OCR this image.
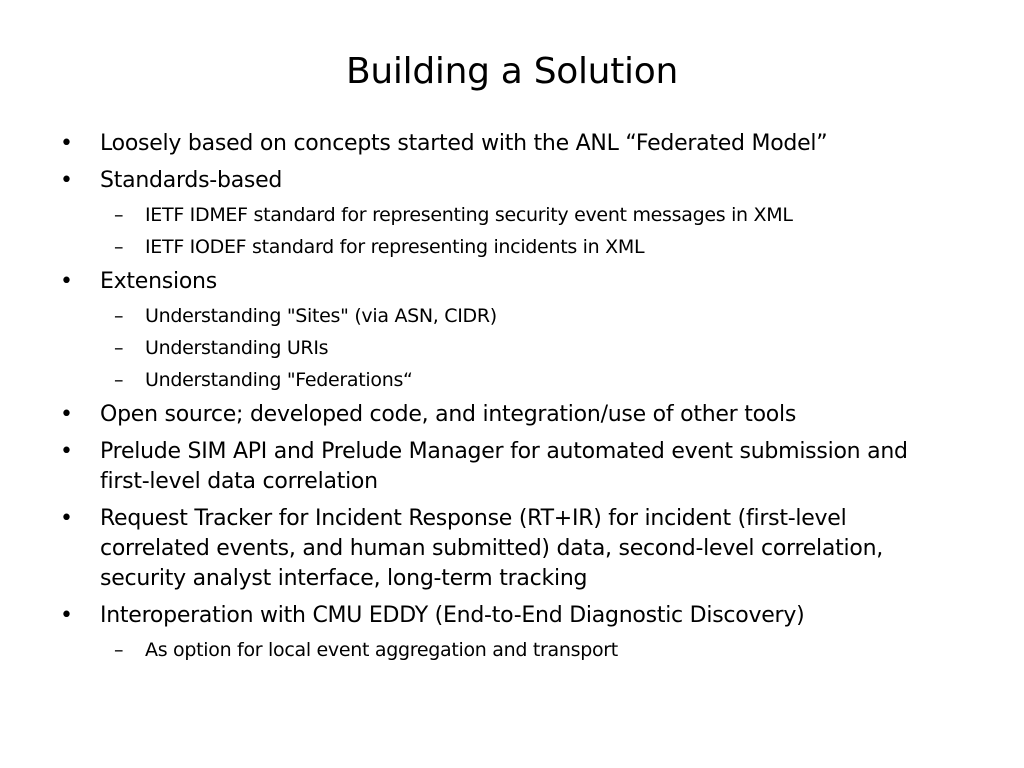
Building a Solution
•	Loosely based on concepts started with the ANL “Federated Model”
•	Standards-based
–	IETF IDMEF standard for representing security event messages in XML
–	IETF IODEF standard for representing incidents in XML
•	Extensions
–	Understanding "Sites" (via ASN, CIDR)
–	Understanding URIs
–	Understanding "Federations“
•	Open source; developed code, and integration/use of other tools
•	Prelude SIM API and Prelude Manager for automated event submission and first-level data correlation
•	Request Tracker for Incident Response (RT+IR) for incident (first-level correlated events, and human submitted) data, second-level correlation, security analyst interface, long-term tracking
•	Interoperation with CMU EDDY (End-to-End Diagnostic Discovery)
–	As option for local event aggregation and transport
